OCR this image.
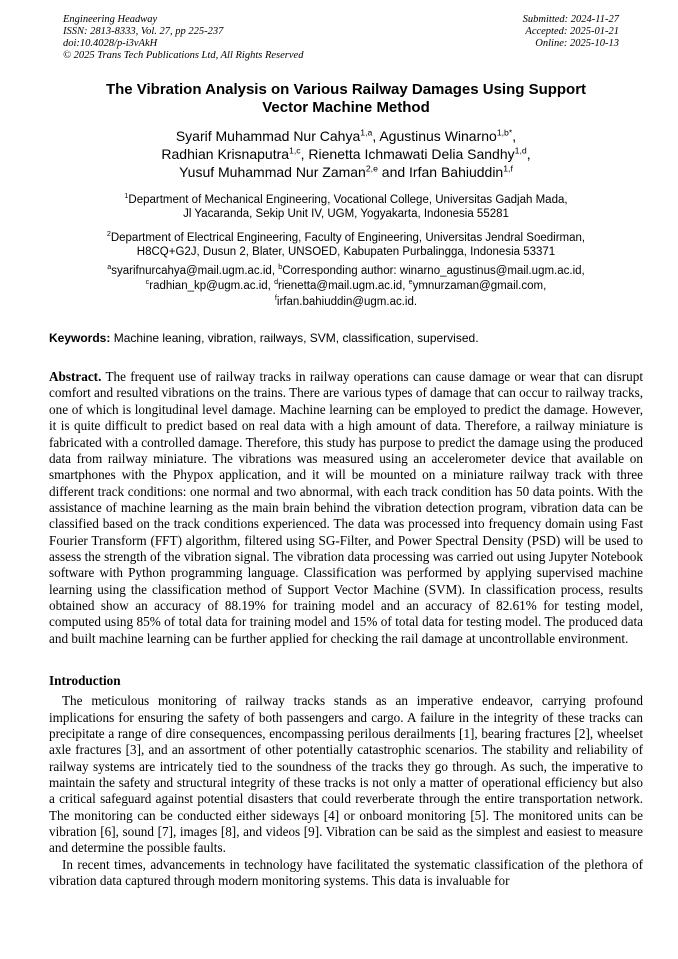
Engineering Headway
ISSN: 2813-8333, Vol. 27, pp 225-237
doi:10.4028/p-i3vAkH
© 2025 Trans Tech Publications Ltd, All Rights Reserved
Submitted: 2024-11-27
Accepted: 2025-01-21
Online: 2025-10-13
The Vibration Analysis on Various Railway Damages Using Support
Vector Machine Method
Syarif Muhammad Nur Cahya$^{1,a}$, Agustinus Winarno$^{1,b*}$,
Radhian Krisnaputra$^{1,c}$, Rienetta Ichmawati Delia Sandhy$^{1,d}$,
Yusuf Muhammad Nur Zaman$^{2,e}$ and Irfan Bahiuddin$^{1,f}$
$^1$Department of Mechanical Engineering, Vocational College, Universitas Gadjah Mada,
Jl Yacaranda, Sekip Unit IV, UGM, Yogyakarta, Indonesia 55281
$^2$Department of Electrical Engineering, Faculty of Engineering, Universitas Jendral Soedirman,
H8CQ+G2J, Dusun 2, Blater, UNSOED, Kabupaten Purbalingga, Indonesia 53371
$^a$syarifnurcahya@mail.ugm.ac.id, $^b$Corresponding author: winarno_agustinus@mail.ugm.ac.id,
$^c$radhian_kp@ugm.ac.id, $^d$rienetta@mail.ugm.ac.id, $^e$ymnurzaman@gmail.com,
$^f$irfan.bahiuddin@ugm.ac.id.

Keywords: Machine leaning, vibration, railways, SVM, classification, supervised.

Abstract. The frequent use of railway tracks in railway operations can cause damage or wear that can disrupt comfort and resulted vibrations on the trains. There are various types of damage that can occur to railway tracks, one of which is longitudinal level damage. Machine learning can be employed to predict the damage. However, it is quite difficult to predict based on real data with a high amount of data. Therefore, a railway miniature is fabricated with a controlled damage. Therefore, this study has purpose to predict the damage using the produced data from railway miniature. The vibrations was measured using an accelerometer device that available on smartphones with the Phypox application, and it will be mounted on a miniature railway track with three different track conditions: one normal and two abnormal, with each track condition has 50 data points. With the assistance of machine learning as the main brain behind the vibration detection program, vibration data can be classified based on the track conditions experienced. The data was processed into frequency domain using Fast Fourier Transform (FFT) algorithm, filtered using SG-Filter, and Power Spectral Density (PSD) will be used to assess the strength of the vibration signal. The vibration data processing was carried out using Jupyter Notebook software with Python programming language. Classification was performed by applying supervised machine learning using the classification method of Support Vector Machine (SVM). In classification process, results obtained show an accuracy of 88.19% for training model and an accuracy of 82.61% for testing model, computed using 85% of total data for training model and 15% of total data for testing model. The produced data and built machine learning can be further applied for checking the rail damage at uncontrollable environment.

Introduction

The meticulous monitoring of railway tracks stands as an imperative endeavor, carrying profound implications for ensuring the safety of both passengers and cargo. A failure in the integrity of these tracks can precipitate a range of dire consequences, encompassing perilous derailments [1], bearing fractures [2], wheelset axle fractures [3], and an assortment of other potentially catastrophic scenarios. The stability and reliability of railway systems are intricately tied to the soundness of the tracks they go through. As such, the imperative to maintain the safety and structural integrity of these tracks is not only a matter of operational efficiency but also a critical safeguard against potential disasters that could reverberate through the entire transportation network. The monitoring can be conducted either sideways [4] or onboard monitoring [5]. The monitored units can be vibration [6], sound [7], images [8], and videos [9]. Vibration can be said as the simplest and easiest to measure and determine the possible faults.

In recent times, advancements in technology have facilitated the systematic classification of the plethora of vibration data captured through modern monitoring systems. This data is invaluable for
